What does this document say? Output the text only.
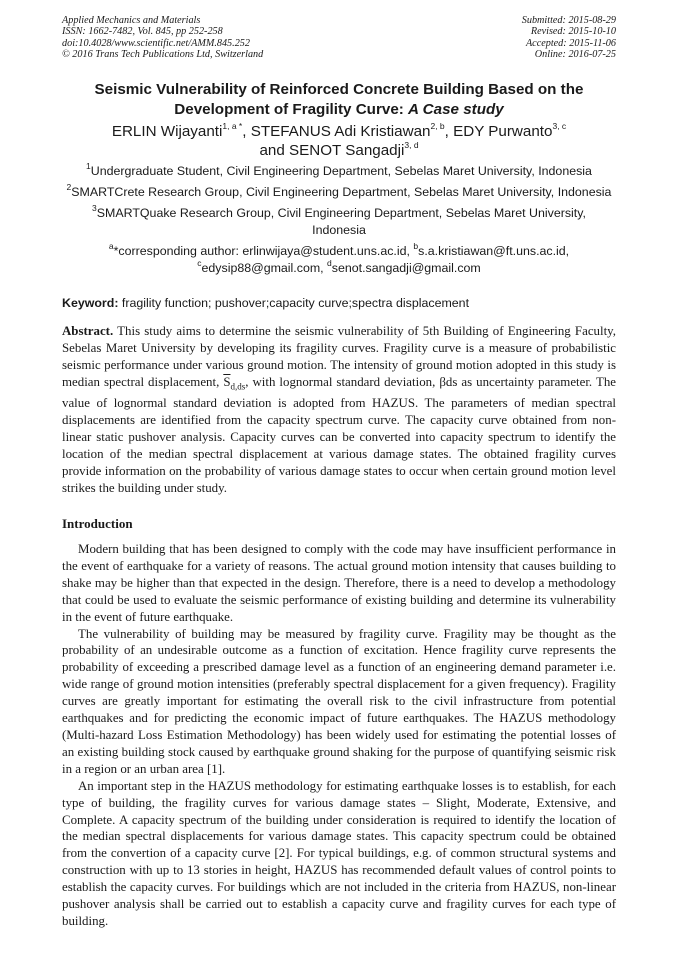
Applied Mechanics and Materials
ISSN: 1662-7482, Vol. 845, pp 252-258
doi:10.4028/www.scientific.net/AMM.845.252
© 2016 Trans Tech Publications Ltd, Switzerland
Submitted: 2015-08-29
Revised: 2015-10-10
Accepted: 2015-11-06
Online: 2016-07-25
Seismic Vulnerability of Reinforced Concrete Building Based on the
Development of Fragility Curve: A Case study
ERLIN Wijayanti$^{1, a *}$, STEFANUS Adi Kristiawan$^{2, b}$, EDY Purwanto$^{3, c}$
and SENOT Sangadji$^{3, d}$
$^1$Undergraduate Student, Civil Engineering Department, Sebelas Maret University, Indonesia
$^2$SMARTCrete Research Group, Civil Engineering Department, Sebelas Maret University, Indonesia
$^3$SMARTQuake Research Group, Civil Engineering Department, Sebelas Maret University,
Indonesia
$^a$*corresponding author: erlinwijaya@student.uns.ac.id, $^b$s.a.kristiawan@ft.uns.ac.id,
$^c$edysip88@gmail.com, $^d$senot.sangadji@gmail.com
Keyword: fragility function; pushover;capacity curve;spectra displacement
Abstract. This study aims to determine the seismic vulnerability of 5th Building of Engineering Faculty, Sebelas Maret University by developing its fragility curves. Fragility curve is a measure of probabilistic seismic performance under various ground motion. The intensity of ground motion adopted in this study is median spectral displacement, $\overline{S}_{d,ds}$, with lognormal standard deviation, βds as uncertainty parameter. The value of lognormal standard deviation is adopted from HAZUS. The parameters of median spectral displacements are identified from the capacity spectrum curve. The capacity curve obtained from non-linear static pushover analysis. Capacity curves can be converted into capacity spectrum to identify the location of the median spectral displacement at various damage states. The obtained fragility curves provide information on the probability of various damage states to occur when certain ground motion level strikes the building under study.
Introduction

Modern building that has been designed to comply with the code may have insufficient performance in the event of earthquake for a variety of reasons. The actual ground motion intensity that causes building to shake may be higher than that expected in the design. Therefore, there is a need to develop a methodology that could be used to evaluate the seismic performance of existing building and determine its vulnerability in the event of future earthquake.

The vulnerability of building may be measured by fragility curve. Fragility may be thought as the probability of an undesirable outcome as a function of excitation. Hence fragility curve represents the probability of exceeding a prescribed damage level as a function of an engineering demand parameter i.e. wide range of ground motion intensities (preferably spectral displacement for a given frequency). Fragility curves are greatly important for estimating the overall risk to the civil infrastructure from potential earthquakes and for predicting the economic impact of future earthquakes. The HAZUS methodology (Multi-hazard Loss Estimation Methodology) has been widely used for estimating the potential losses of an existing building stock caused by earthquake ground shaking for the purpose of quantifying seismic risk in a region or an urban area [1].

An important step in the HAZUS methodology for estimating earthquake losses is to establish, for each type of building, the fragility curves for various damage states – Slight, Moderate, Extensive, and Complete. A capacity spectrum of the building under consideration is required to identify the location of the median spectral displacements for various damage states. This capacity spectrum could be obtained from the convertion of a capacity curve [2]. For typical buildings, e.g. of common structural systems and construction with up to 13 stories in height, HAZUS has recommended default values of control points to establish the capacity curves. For buildings which are not included in the criteria from HAZUS, non-linear pushover analysis shall be carried out to establish a capacity curve and fragility curves for each type of building.
